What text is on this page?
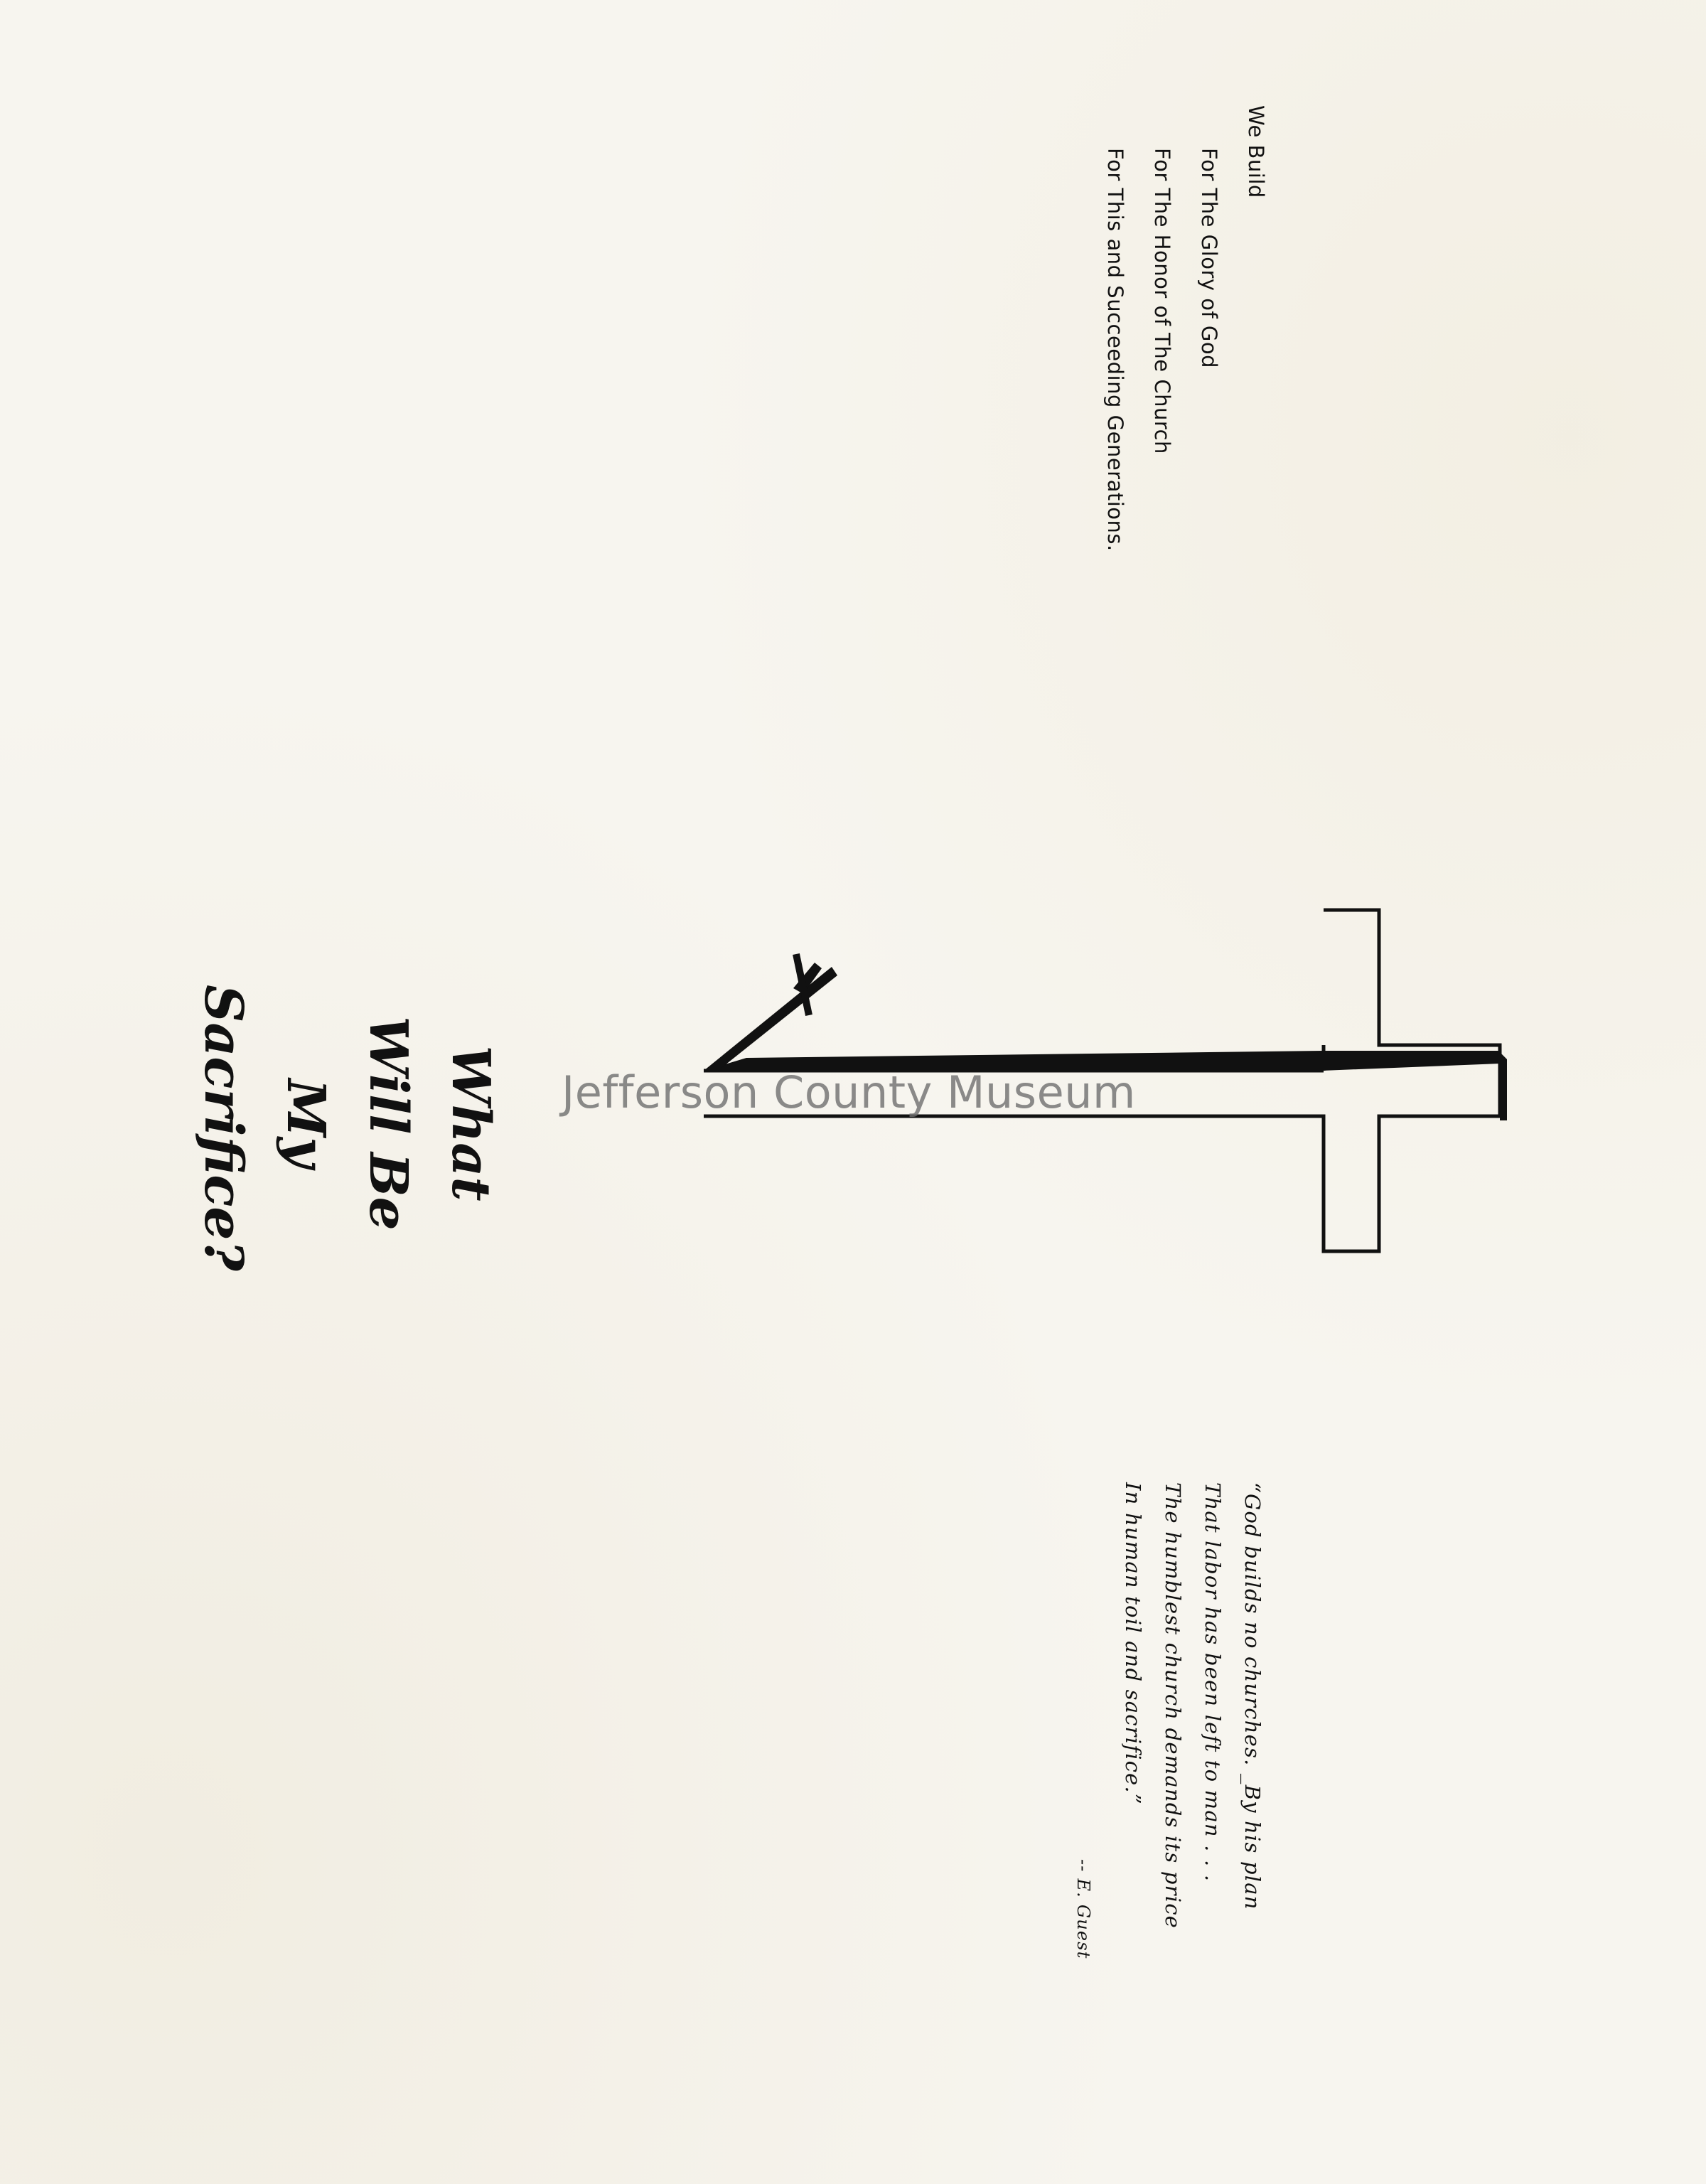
We Build
For The Glory of God
For The Honor of The Church
For This and Succeeding Generations.
What
Will Be
My
Sacrifice?
“God builds no churches. _By his plan
That labor has been left to man . . .
The humblest church demands its price
In human toil and sacrifice.”
-- E. Guest
Jefferson County Museum
